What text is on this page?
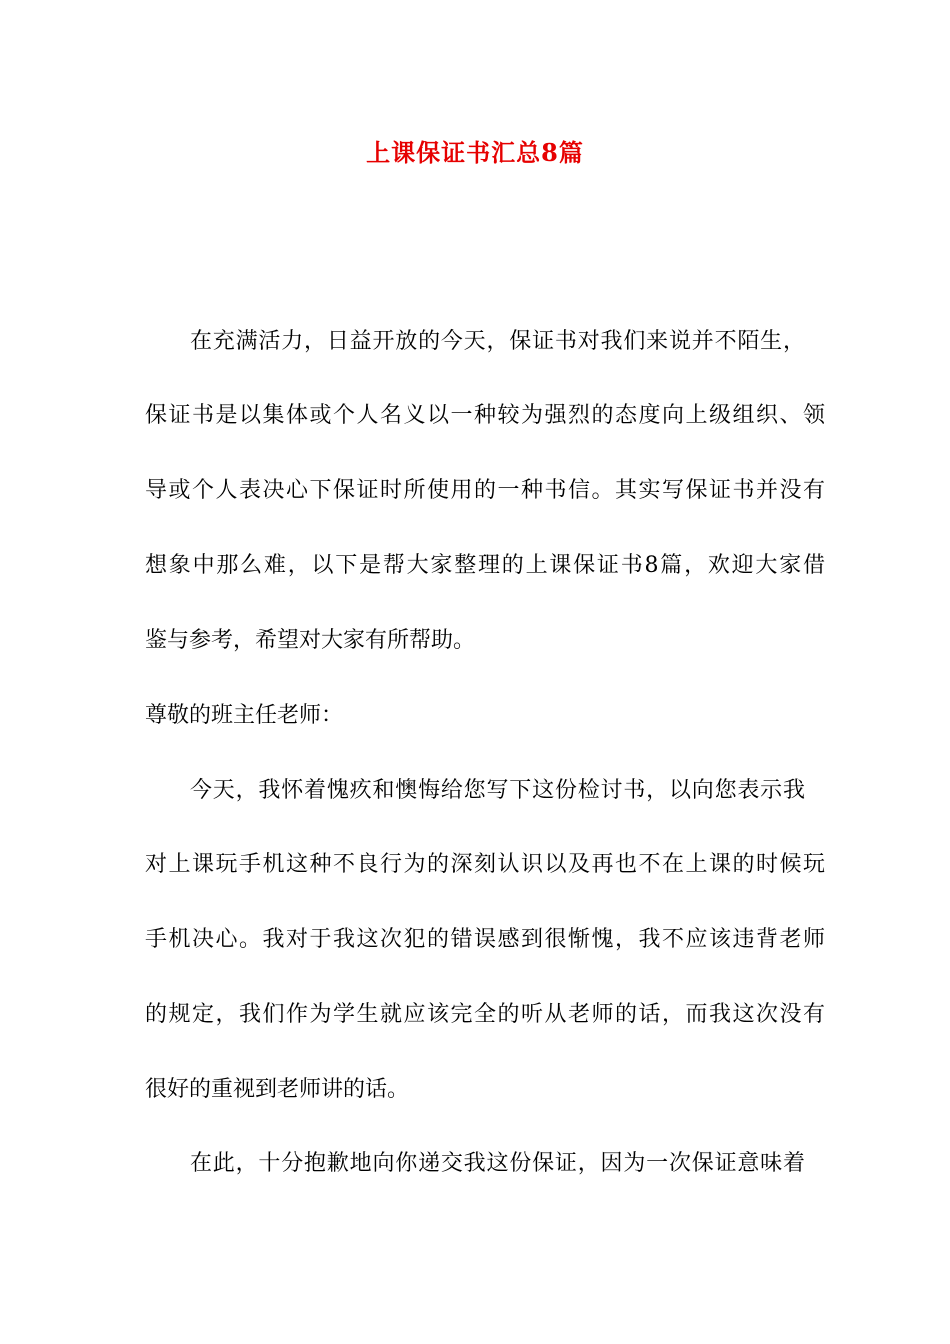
上课保证书汇总8篇
在充满活力，日益开放的今天，保证书对我们来说并不陌生，
保证书是以集体或个人名义以一种较为强烈的态度向上级组织、领
导或个人表决心下保证时所使用的一种书信。其实写保证书并没有
想象中那么难，以下是帮大家整理的上课保证书8篇，欢迎大家借
鉴与参考，希望对大家有所帮助。
尊敬的班主任老师：
今天，我怀着愧疚和懊悔给您写下这份检讨书，以向您表示我
对上课玩手机这种不良行为的深刻认识以及再也不在上课的时候玩
手机决心。我对于我这次犯的错误感到很惭愧，我不应该违背老师
的规定，我们作为学生就应该完全的听从老师的话，而我这次没有
很好的重视到老师讲的话。
在此，十分抱歉地向你递交我这份保证，因为一次保证意味着
